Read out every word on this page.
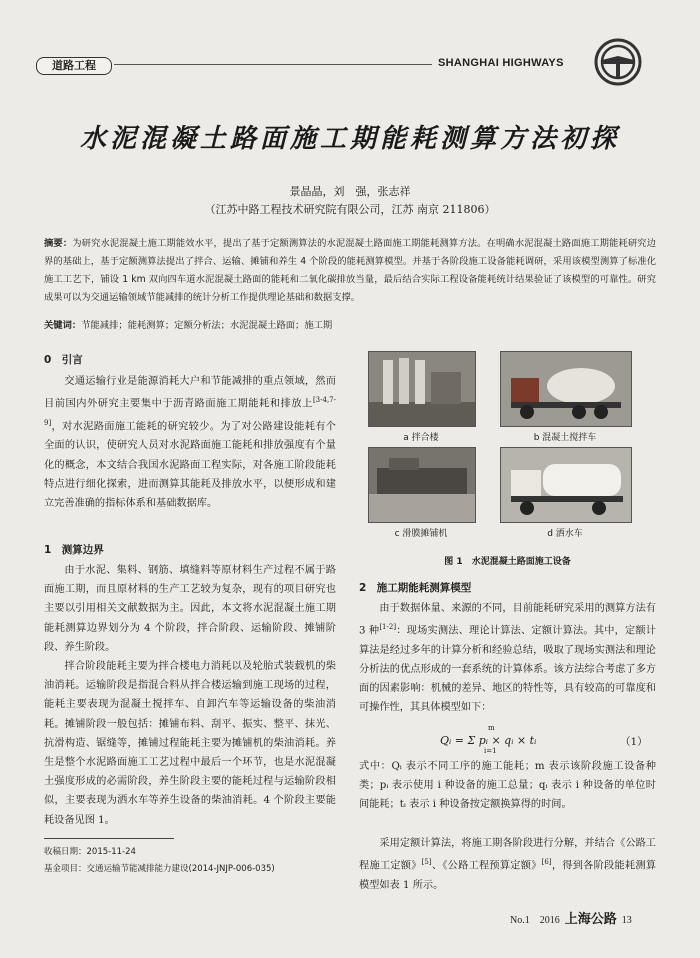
道路工程	SHANGHAI HIGHWAYS
水泥混凝土路面施工期能耗测算方法初探
景晶晶，刘　强，张志祥
（江苏中路工程技术研究院有限公司，江苏 南京 211806）
摘要：为研究水泥混凝土施工期能效水平，提出了基于定额测算法的水泥混凝土路面施工期能耗测算方法。在明确水泥混凝土路面施工期能耗研究边界的基础上，基于定额测算法提出了拌合、运输、摊铺和养生 4 个阶段的能耗测算模型。并基于各阶段施工设备能耗调研，采用该模型测算了标准化施工工艺下，铺设 1 km 双向四车道水泥混凝土路面的能耗和二氧化碳排放当量，最后结合实际工程设备能耗统计结果验证了该模型的可靠性。研究成果可以为交通运输领域节能减排的统计分析工作提供理论基础和数据支撑。
关键词：节能减排；能耗测算；定额分析法；水泥混凝土路面；施工期
0　引言

交通运输行业是能源消耗大户和节能减排的重点领域，然而目前国内外研究主要集中于沥青路面施工期能耗和排放上[3-4,7-9]，对水泥路面施工能耗的研究较少。为了对公路建设能耗有个全面的认识，使研究人员对水泥路面施工能耗和排放强度有个量化的概念，本文结合我国水泥路面工程实际，对各施工阶段能耗特点进行细化探索，进而测算其能耗及排放水平，以便形成和建立完善准确的指标体系和基础数据库。

1　测算边界

由于水泥、集料、钢筋、填缝料等原材料生产过程不属于路面施工期，而且原材料的生产工艺较为复杂，现有的项目研究也主要以引用相关文献数据为主。因此，本文将水泥混凝土施工期能耗测算边界划分为 4 个阶段，拌合阶段、运输阶段、摊铺阶段、养生阶段。

拌合阶段能耗主要为拌合楼电力消耗以及轮胎式装载机的柴油消耗。运输阶段是指混合料从拌合楼运输到施工现场的过程，能耗主要表现为混凝土搅拌车、自卸汽车等运输设备的柴油消耗。摊铺阶段一般包括：摊铺布料、刮平、振实、整平、抹光、抗滑构造、锯缝等，摊铺过程能耗主要为摊铺机的柴油消耗。养生是整个水泥路面施工工艺过程中最后一个环节，也是水泥混凝土强度形成的必需阶段，养生阶段主要的能耗过程与运输阶段相似，主要表现为洒水车等养生设备的柴油消耗。4 个阶段主要能耗设备见图 1。

a 拌合楼	b 混凝土搅拌车
c 滑膜摊铺机	d 洒水车
图 1　水泥混凝土路面施工设备
2　施工期能耗测算模型

由于数据体量、来源的不同，目前能耗研究采用的测算方法有 3 种[1-2]：现场实测法、理论计算法、定额计算法。其中，定额计算法是经过多年的计算分析和经验总结，吸取了现场实测法和理论分析法的优点形成的一套系统的计算体系。该方法综合考虑了多方面的因素影响：机械的差异、地区的特性等，具有较高的可靠度和可操作性，其具体模型如下：

Qᵢ = Σ pᵢ × qᵢ × tᵢ
m
i=1
（1）

式中：Qᵢ 表示不同工序的施工能耗；m 表示该阶段施工设备种类；pᵢ 表示使用 i 种设备的施工总量；qᵢ 表示 i 种设备的单位时间能耗；tᵢ 表示 i 种设备按定额换算得的时间。

采用定额计算法，将施工期各阶段进行分解，并结合《公路工程施工定额》[5]、《公路工程预算定额》[6]，得到各阶段能耗测算模型如表 1 所示。

收稿日期：2015-11-24
基金项目：交通运输节能减排能力建设(2014-JNJP-006-035)
No.1　2016 上海公路 13
